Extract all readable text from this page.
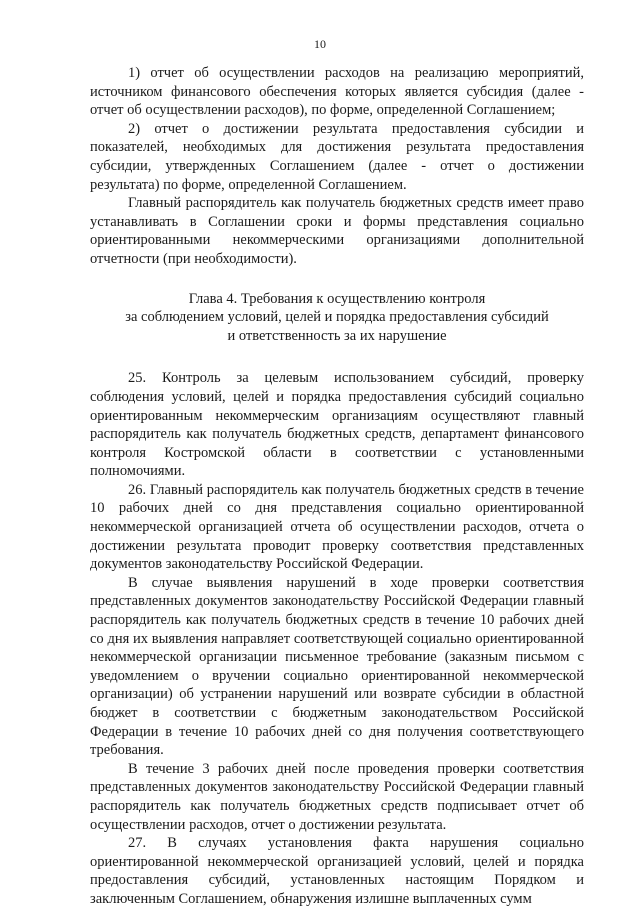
10

1) отчет об осуществлении расходов на реализацию мероприятий, источником финансового обеспечения которых является субсидия (далее - отчет об осуществлении расходов), по форме, определенной Соглашением;

2) отчет о достижении результата предоставления субсидии и показателей, необходимых для достижения результата предоставления субсидии, утвержденных Соглашением (далее - отчет о достижении результата) по форме, определенной Соглашением.

Главный распорядитель как получатель бюджетных средств имеет право устанавливать в Соглашении сроки и формы представления социально ориентированными некоммерческими организациями дополнительной отчетности (при необходимости).

Глава 4. Требования к осуществлению контроля
за соблюдением условий, целей и порядка предоставления субсидий
и ответственность за их нарушение

25. Контроль за целевым использованием субсидий, проверку соблюдения условий, целей и порядка предоставления субсидий социально ориентированным некоммерческим организациям осуществляют главный распорядитель как получатель бюджетных средств, департамент финансового контроля Костромской области в соответствии с установленными полномочиями.

26. Главный распорядитель как получатель бюджетных средств в течение 10 рабочих дней со дня представления социально ориентированной некоммерческой организацией отчета об осуществлении расходов, отчета о достижении результата проводит проверку соответствия представленных документов законодательству Российской Федерации.

В случае выявления нарушений в ходе проверки соответствия представленных документов законодательству Российской Федерации главный распорядитель как получатель бюджетных средств в течение 10 рабочих дней со дня их выявления направляет соответствующей социально ориентированной некоммерческой организации письменное требование (заказным письмом с уведомлением о вручении социально ориентированной некоммерческой организации) об устранении нарушений или возврате субсидии в областной бюджет в соответствии с бюджетным законодательством Российской Федерации в течение 10 рабочих дней со дня получения соответствующего требования.

В течение 3 рабочих дней после проведения проверки соответствия представленных документов законодательству Российской Федерации главный распорядитель как получатель бюджетных средств подписывает отчет об осуществлении расходов, отчет о достижении результата.

27. В случаях установления факта нарушения социально ориентированной некоммерческой организацией условий, целей и порядка предоставления субсидий, установленных настоящим Порядком и заключенным Соглашением, обнаружения излишне выплаченных сумм
